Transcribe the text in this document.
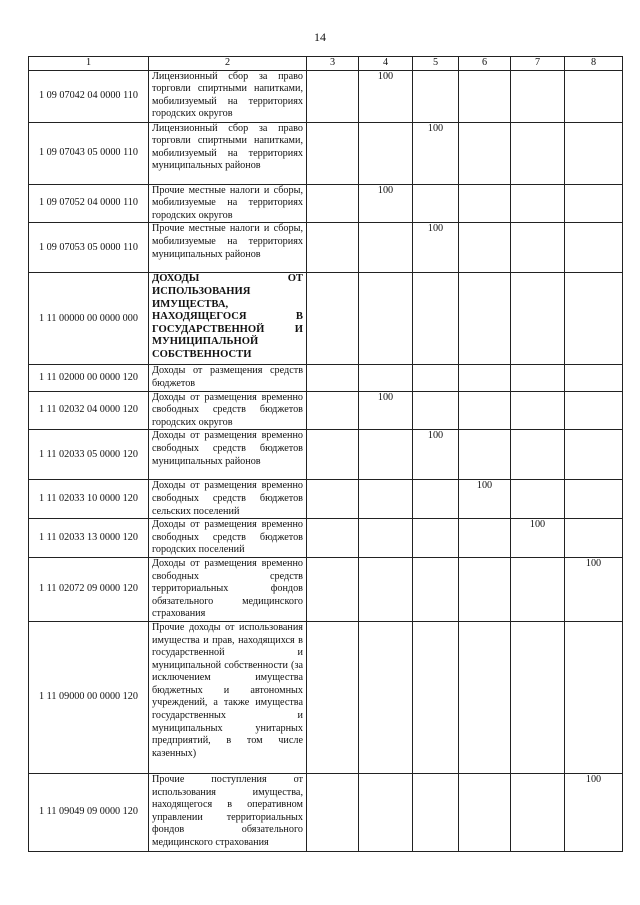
14
1	2	3	4	5	6	7	8
1 09 07042 04 0000 110	Лицензионный сбор за право торговли спиртными напитками, мобилизуемый на территориях городских округов		100				
1 09 07043 05 0000 110	Лицензионный сбор за право торговли спиртными напитками, мобилизуемый на территориях муниципальных районов			100			
1 09 07052 04 0000 110	Прочие местные налоги и сборы, мобилизуемые на территориях городских округов		100				
1 09 07053 05 0000 110	Прочие местные налоги и сборы, мобилизуемые на территориях муниципальных районов			100			
1 11 00000 00 0000 000	ДОХОДЫ ОТ ИСПОЛЬЗОВАНИЯ ИМУЩЕСТВА, НАХОДЯЩЕГОСЯ В ГОСУДАРСТВЕННОЙ И МУНИЦИПАЛЬНОЙ СОБСТВЕННОСТИ						
1 11 02000 00 0000 120	Доходы от размещения средств бюджетов						
1 11 02032 04 0000 120	Доходы от размещения временно свободных средств бюджетов городских округов		100				
1 11 02033 05 0000 120	Доходы от размещения временно свободных средств бюджетов муниципальных районов			100			
1 11 02033 10 0000 120	Доходы от размещения временно свободных средств бюджетов сельских поселений				100		
1 11 02033 13 0000 120	Доходы от размещения временно свободных средств бюджетов городских поселений					100	
1 11 02072 09 0000 120	Доходы от размещения временно свободных средств территориальных фондов обязательного медицинского страхования						100
1 11 09000 00 0000 120	Прочие доходы от использования имущества и прав, находящихся в государственной и муниципальной собственности (за исключением имущества бюджетных и автономных учреждений, а также имущества государственных и муниципальных унитарных предприятий, в том числе казенных)						
1 11 09049 09 0000 120	Прочие поступления от использования имущества, находящегося в оперативном управлении территориальных фондов обязательного медицинского страхования						100
